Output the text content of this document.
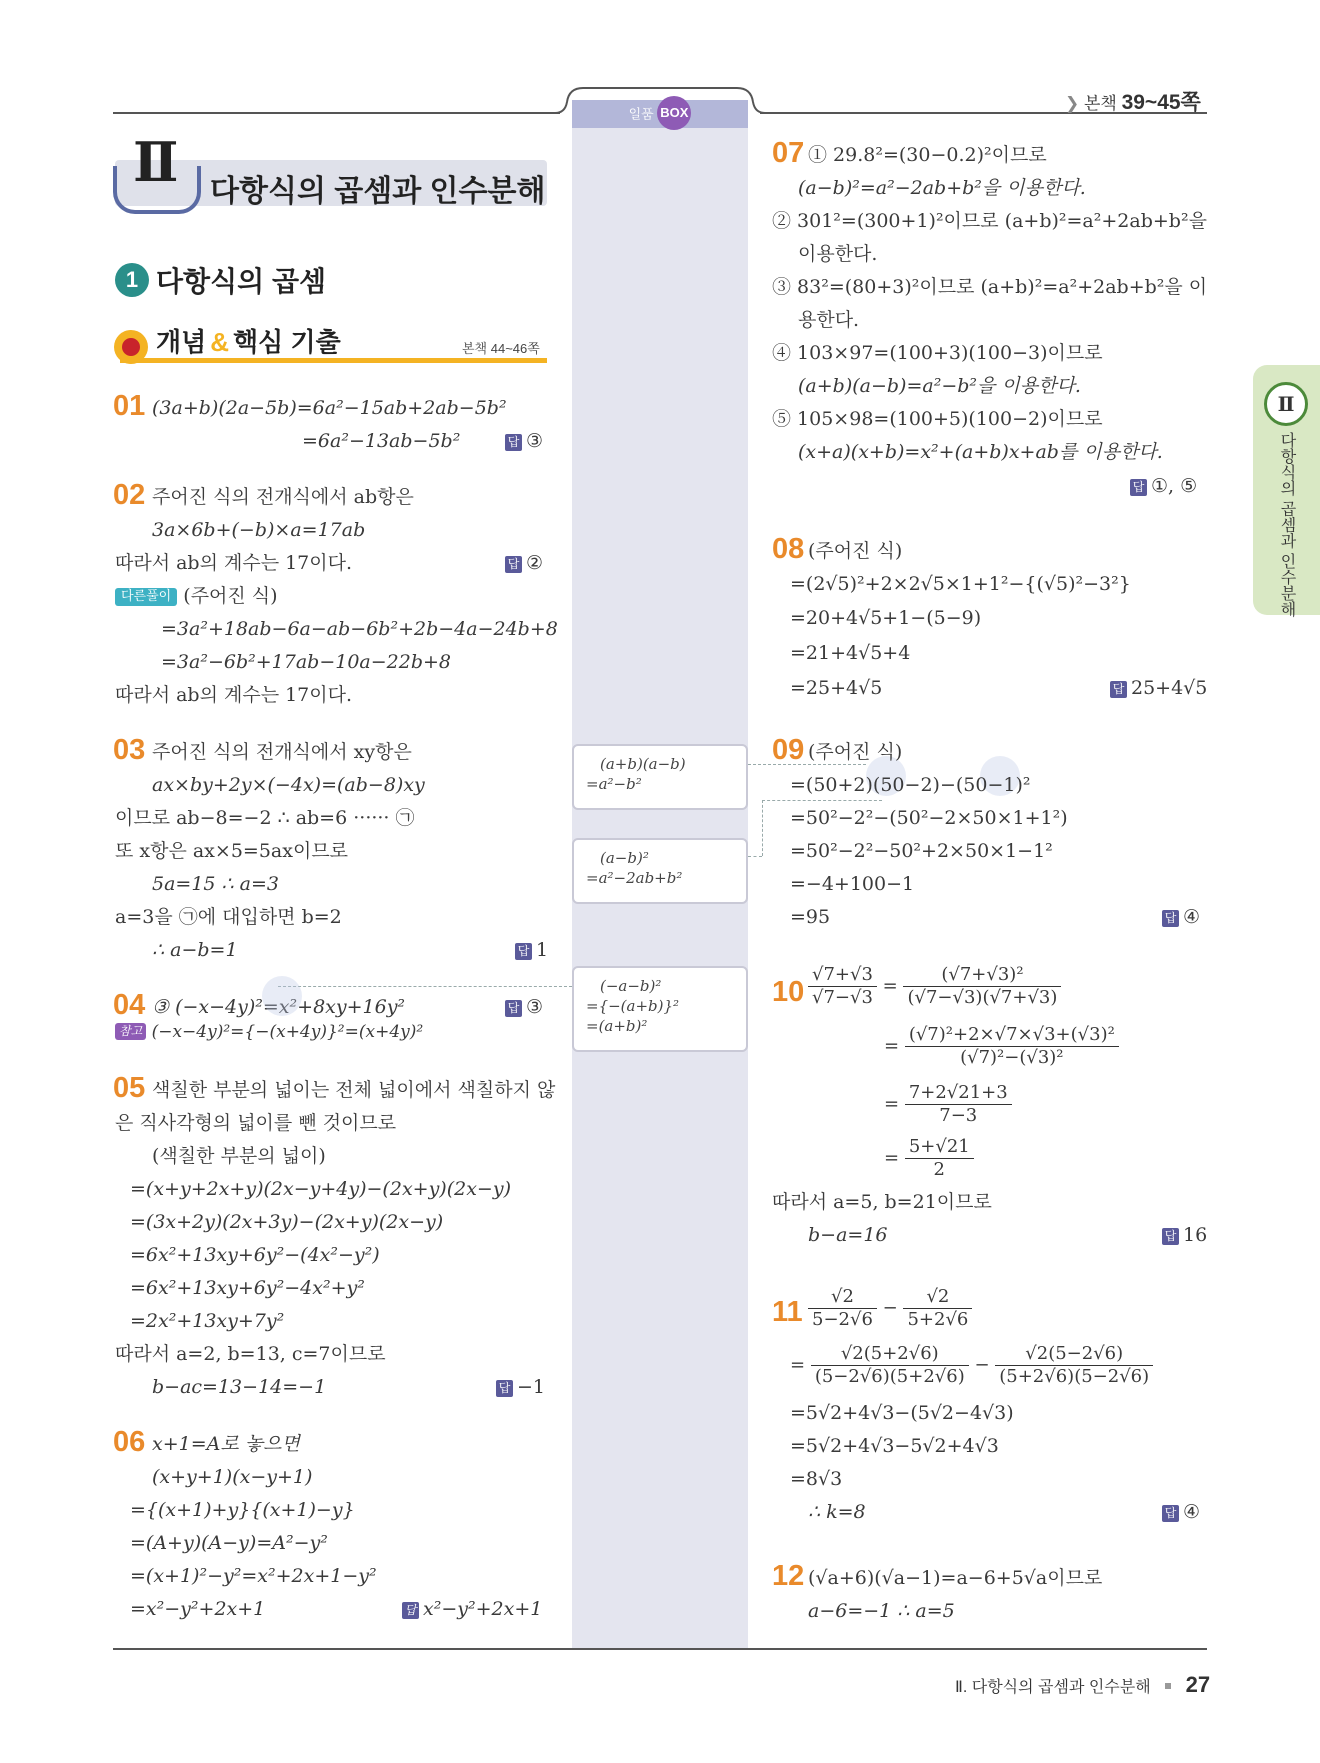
일품 BOX	❯ 본책 39~45쪽
Ⅱ 다항식의 곱셈과 인수분해
1 다항식의 곱셈
개념 & 핵심 기출	본책 44~46쪽
01 (3a+b)(2a−5b)=6a²−15ab+2ab−5b²
=6a²−13ab−5b²	답 ③
02 주어진 식의 전개식에서 ab항은
3a×6b+(−b)×a=17ab
따라서 ab의 계수는 17이다.	답 ②
다른풀이 (주어진 식)
=3a²+18ab−6a−ab−6b²+2b−4a−24b+8
=3a²−6b²+17ab−10a−22b+8
따라서 ab의 계수는 17이다.
03 주어진 식의 전개식에서 xy항은
ax×by+2y×(−4x)=(ab−8)xy
이므로 ab−8=−2 ∴ ab=6 ······ ㉠
또 x항은 ax×5=5ax이므로
5a=15 ∴ a=3
a=3을 ㉠에 대입하면 b=2
∴ a−b=1	답 1
04 ③ (−x−4y)²=x²+8xy+16y²	답 ③
참고 (−x−4y)²={−(x+4y)}²=(x+4y)²
05 색칠한 부분의 넓이는 전체 넓이에서 색칠하지 않
은 직사각형의 넓이를 뺀 것이므로
(색칠한 부분의 넓이)
=(x+y+2x+y)(2x−y+4y)−(2x+y)(2x−y)
=(3x+2y)(2x+3y)−(2x+y)(2x−y)
=6x²+13xy+6y²−(4x²−y²)
=6x²+13xy+6y²−4x²+y²
=2x²+13xy+7y²
따라서 a=2, b=13, c=7이므로
b−ac=13−14=−1	답 −1
06 x+1=A로 놓으면
(x+y+1)(x−y+1)
={(x+1)+y}{(x+1)−y}
=(A+y)(A−y)=A²−y²
=(x+1)²−y²=x²+2x+1−y²
=x²−y²+2x+1	답 x²−y²+2x+1
(a+b)(a−b)
=a²−b²
(a−b)²
=a²−2ab+b²
(−a−b)²
={−(a+b)}²
=(a+b)²
07 ① 29.8²=(30−0.2)²이므로
(a−b)²=a²−2ab+b²을 이용한다.
② 301²=(300+1)²이므로 (a+b)²=a²+2ab+b²을
이용한다.
③ 83²=(80+3)²이므로 (a+b)²=a²+2ab+b²을 이
용한다.
④ 103×97=(100+3)(100−3)이므로
(a+b)(a−b)=a²−b²을 이용한다.
⑤ 105×98=(100+5)(100−2)이므로
(x+a)(x+b)=x²+(a+b)x+ab를 이용한다.
답 ①, ⑤
08 (주어진 식)
=(2√5)²+2×2√5×1+1²−{(√5)²−3²}
=20+4√5+1−(5−9)
=21+4√5+4
=25+4√5	답 25+4√5
09 (주어진 식)
=(50+2)(50−2)−(50−1)²
=50²−2²−(50²−2×50×1+1²)
=50²−2²−50²+2×50×1−1²
=−4+100−1
=95	답 ④
$10 \frac{√7+√3}{√7-√3} = \frac{\text{(√7+√3)²}}{(√7-√3)(√7+√3)}$
= $\frac{\text{(√7)²+2×√7×√3+(√3)²}}{\text{(√7)²−(√3)²}}$
= $\frac{7+2√21+3}{7-3}$
= $\frac{5+√21}{2}$
따라서 a=5, b=21이므로
b−a=16	답 16
$11 \frac{√2}{5-2√6} - \frac{√2}{5+2√6}$
= $\frac{√2(5+2√6)}{(5-2√6)(5+2√6)} - \frac{√2(5-2√6)}{(5+2√6)(5-2√6)}$
=5√2+4√3−(5√2−4√3)
=5√2+4√3−5√2+4√3
=8√3
∴ k=8	답 ④
12 (√a+6)(√a−1)=a−6+5√a이므로
a−6=−1 ∴ a=5
Ⅱ
다항식의 곱셈과 인수분해
Ⅱ. 다항식의 곱셈과 인수분해 27
